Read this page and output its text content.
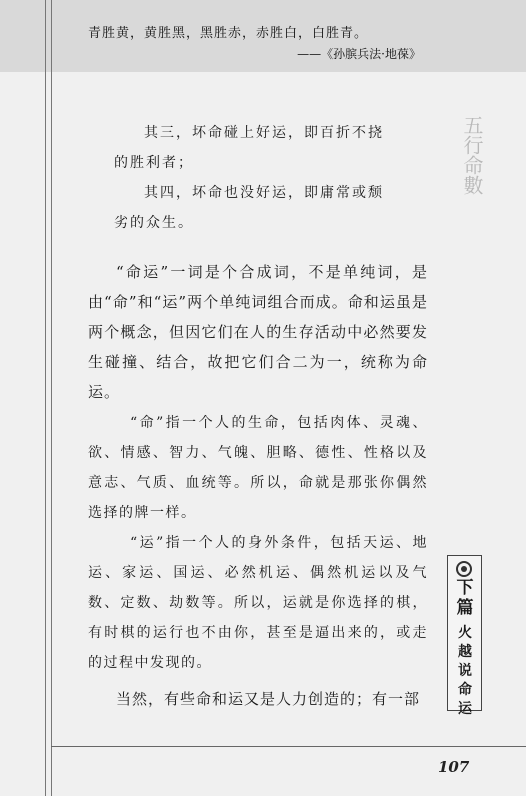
青胜黄，黄胜黑，黑胜赤，赤胜白，白胜青。
——《孙膑兵法·地葆》
五行命數

其三，坏命碰上好运，即百折不挠

的胜利者；

其四，坏命也没好运，即庸常或颓

劣的众生。

“命运”一词是个合成词，不是单纯词，是由“命”和“运”两个单纯词组合而成。命和运虽是两个概念，但因它们在人的生存活动中必然要发生碰撞、结合，故把它们合二为一，统称为命运。

“命”指一个人的生命，包括肉体、灵魂、欲、情感、智力、气魄、胆略、德性、性格以及意志、气质、血统等。所以，命就是那张你偶然选择的牌一样。

“运”指一个人的身外条件，包括天运、地运、家运、国运、必然机运、偶然机运以及气数、定数、劫数等。所以，运就是你选择的棋，有时棋的运行也不由你，甚至是逼出来的，或走的过程中发现的。

当然，有些命和运又是人力创造的；有一部
107
下篇
火越说命运
